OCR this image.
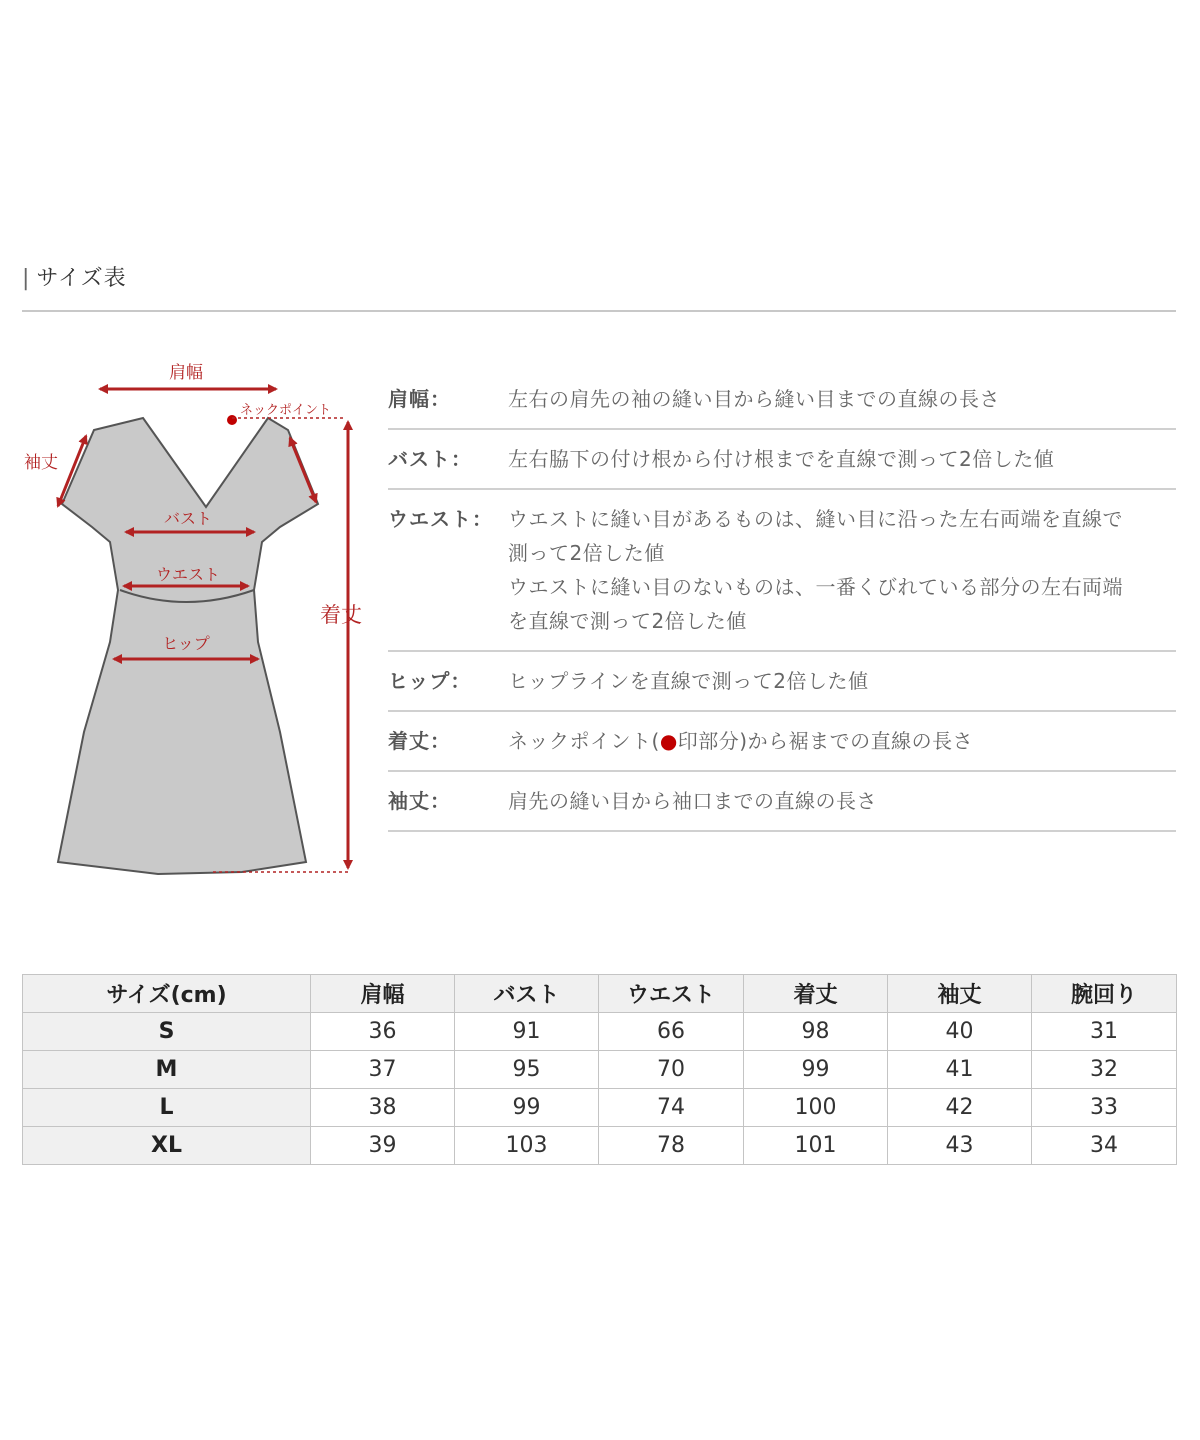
| サイズ表
肩幅
ネックポイント
着丈
袖丈
バスト
ウエスト
ヒップ
肩幅：	左右の肩先の袖の縫い目から縫い目までの直線の長さ
バスト：	左右脇下の付け根から付け根までを直線で測って2倍した値
ウエスト： ウエストに縫い目があるものは、縫い目に沿った左右両端を直線で
測って2倍した値
ウエストに縫い目のないものは、一番くびれている部分の左右両端
を直線で測って2倍した値
ヒップ：	ヒップラインを直線で測って2倍した値
着丈：	ネックポイント(●印部分)から裾までの直線の長さ
袖丈：	肩先の縫い目から袖口までの直線の長さ
サイズ(cm)	肩幅	バスト	ウエスト	着丈	袖丈	腕回り
S	36	91	66	98	40	31
M	37	95	70	99	41	32
L	38	99	74	100	42	33
XL	39	103	78	101	43	34
